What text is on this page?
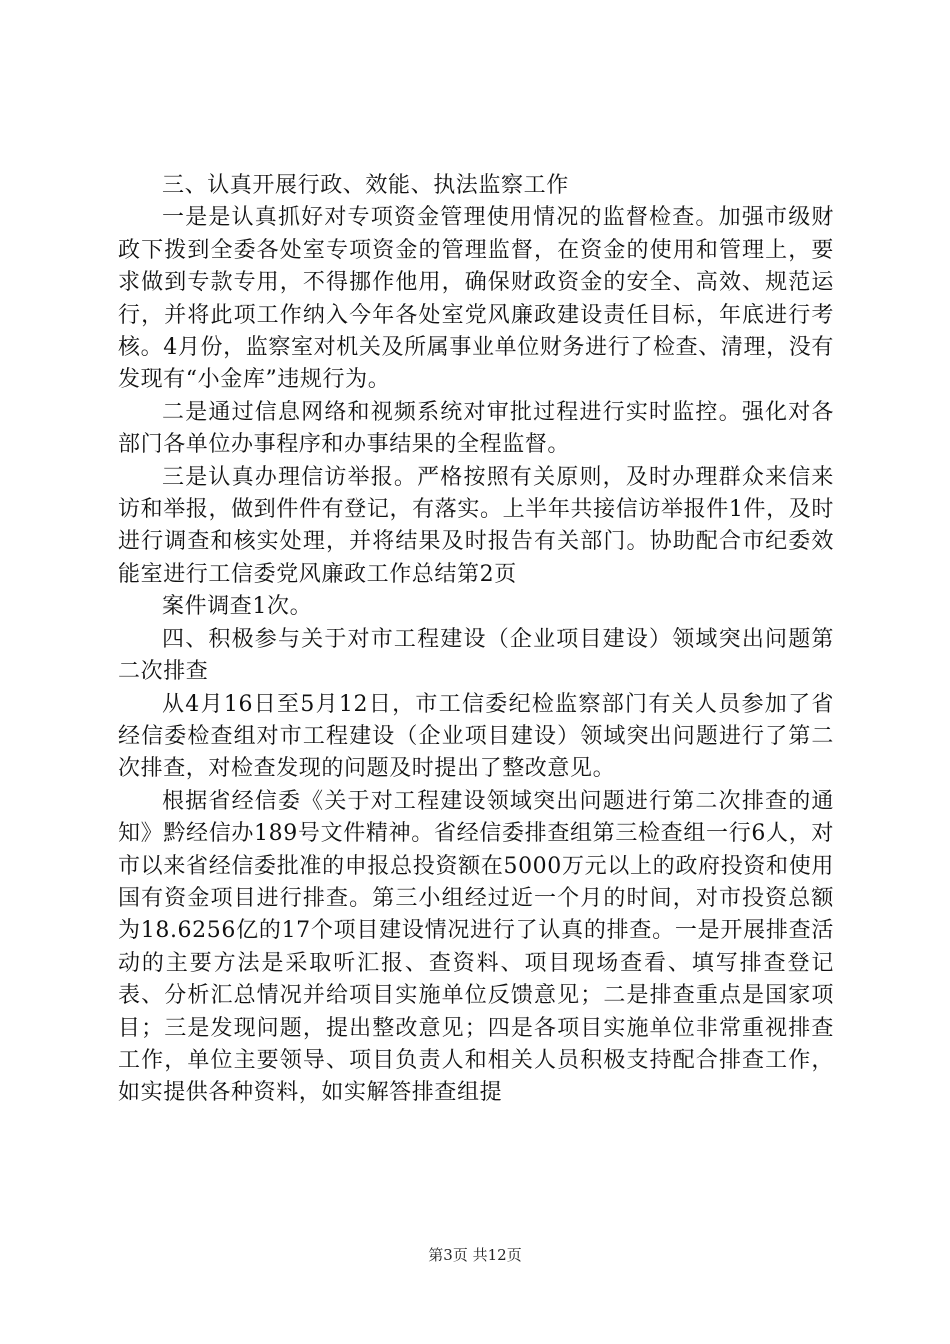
三、认真开展行政、效能、执法监察工作

一是是认真抓好对专项资金管理使用情况的监督检查。加强市级财政下拨到全委各处室专项资金的管理监督，在资金的使用和管理上，要求做到专款专用，不得挪作他用，确保财政资金的安全、高效、规范运行，并将此项工作纳入今年各处室党风廉政建设责任目标，年底进行考核。4月份，监察室对机关及所属事业单位财务进行了检查、清理，没有发现有“小金库”违规行为。

二是通过信息网络和视频系统对审批过程进行实时监控。强化对各部门各单位办事程序和办事结果的全程监督。

三是认真办理信访举报。严格按照有关原则，及时办理群众来信来访和举报，做到件件有登记，有落实。上半年共接信访举报件1件，及时进行调查和核实处理，并将结果及时报告有关部门。协助配合市纪委效能室进行工信委党风廉政工作总结第2页

案件调查1次。

四、积极参与关于对市工程建设（企业项目建设）领域突出问题第二次排查

从4月16日至5月12日，市工信委纪检监察部门有关人员参加了省经信委检查组对市工程建设（企业项目建设）领域突出问题进行了第二次排查，对检查发现的问题及时提出了整改意见。

根据省经信委《关于对工程建设领域突出问题进行第二次排查的通知》黔经信办189号文件精神。省经信委排查组第三检查组一行6人，对市以来省经信委批准的申报总投资额在5000万元以上的政府投资和使用国有资金项目进行排查。第三小组经过近一个月的时间，对市投资总额为18.6256亿的17个项目建设情况进行了认真的排查。一是开展排查活动的主要方法是采取听汇报、查资料、项目现场查看、填写排查登记表、分析汇总情况并给项目实施单位反馈意见；二是排查重点是国家项目；三是发现问题，提出整改意见；四是各项目实施单位非常重视排查工作，单位主要领导、项目负责人和相关人员积极支持配合排查工作，如实提供各种资料，如实解答排查组提

第3页 共12页
